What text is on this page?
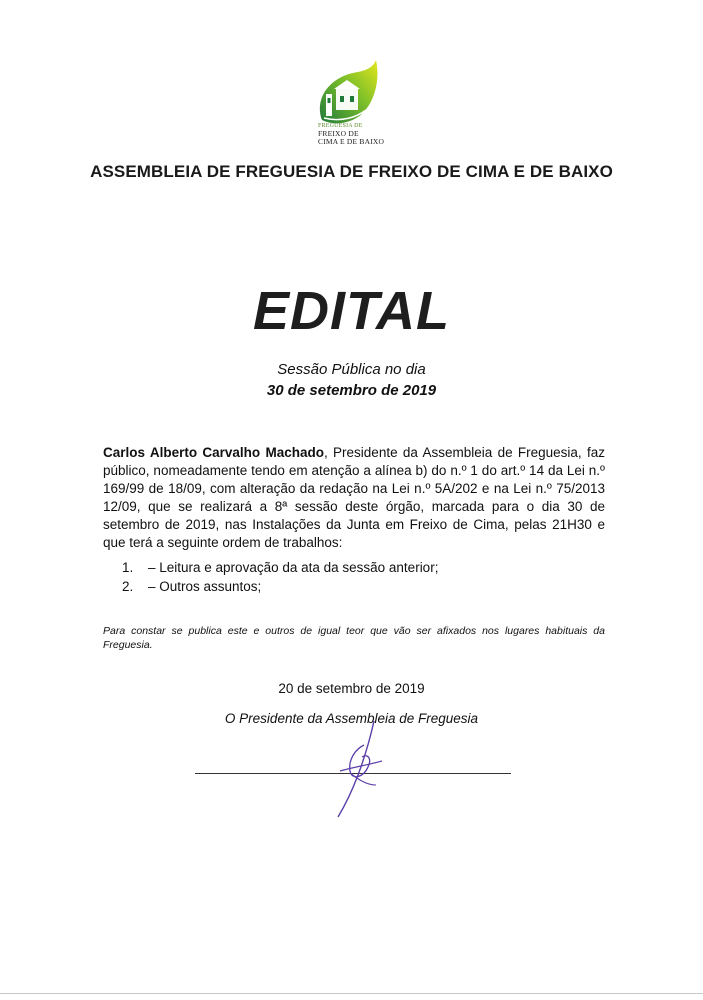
FREGUESIA DE
FREIXO DE
CIMA E DE BAIXO
ASSEMBLEIA DE FREGUESIA DE FREIXO DE CIMA E DE BAIXO
EDITAL
Sessão Pública no dia
30 de setembro de 2019
Carlos Alberto Carvalho Machado, Presidente da Assembleia de Freguesia, faz público, nomeadamente tendo em atenção a alínea b) do n.º 1 do art.º 14 da Lei n.º 169/99 de 18/09, com alteração da redação na Lei n.º 5A/202 e na Lei n.º 75/2013 12/09, que se realizará a 8ª sessão deste órgão, marcada para o dia 30 de setembro de 2019, nas Instalações da Junta em Freixo de Cima, pelas 21H30 e que terá a seguinte ordem de trabalhos:
1.	– Leitura e aprovação da ata da sessão anterior;
2.	– Outros assuntos;
Para constar se publica este e outros de igual teor que vão ser afixados nos lugares habituais da Freguesia.
20 de setembro de 2019
O Presidente da Assembleia de Freguesia
